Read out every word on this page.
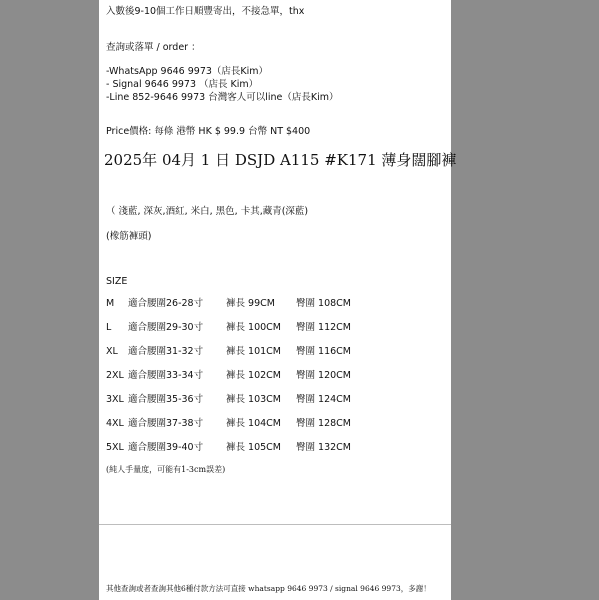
入數後9-10個工作日順豐寄出，不接急單，thx
查詢或落單 / order ：
-WhatsApp 9646 9973（店長Kim）
- Signal 9646 9973 （店長 Kim）
-Line 852-9646 9973 台灣客人可以line（店長Kim）
Price價格: 每條 港幣 HK $ 99.9 台幣 NT $400
2025年 04月 1 日 DSJD A115 #K171 薄身闊腳褲
（ 淺藍, 深灰,酒紅, 米白, 黑色, 卡其,藏青(深藍)
(橡筋褲頭)
SIZE
M 適合腰圍26-28寸 褲長 99CM 臀圍 108CM
L 適合腰圍29-30寸 褲長 100CM 臀圍 112CM
XL 適合腰圍31-32寸 褲長 101CM 臀圍 116CM
2XL 適合腰圍33-34寸 褲長 102CM 臀圍 120CM
3XL 適合腰圍35-36寸 褲長 103CM 臀圍 124CM
4XL 適合腰圍37-38寸 褲長 104CM 臀圍 128CM
5XL 適合腰圍39-40寸 褲長 105CM 臀圍 132CM
(純人手量度，可能有1-3cm誤差)
其他查詢或者查詢其他6種付款方法可直接 whatsapp 9646 9973 / signal 9646 9973，多謝！
